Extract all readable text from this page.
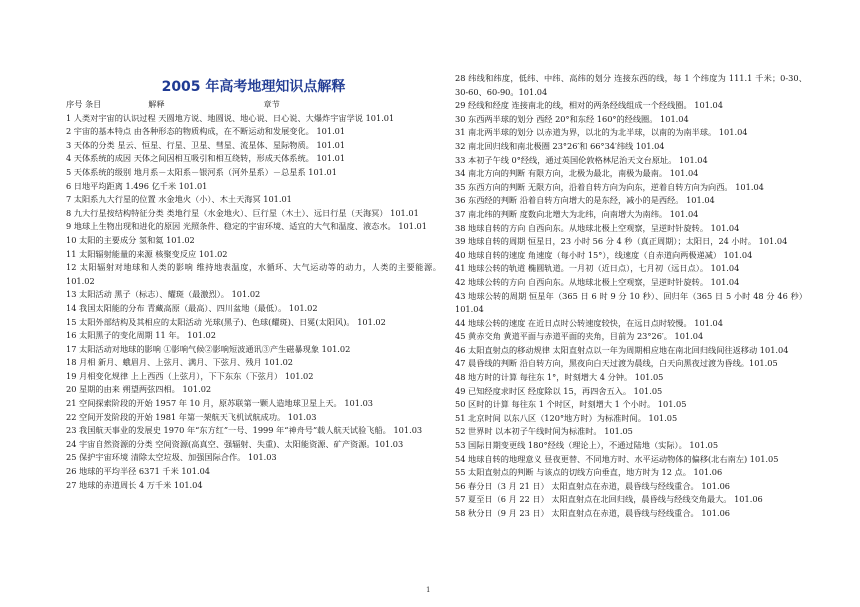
2005 年高考地理知识点解释
序号 条目                  解释                                      章节
1 人类对宇宙的认识过程 天圆地方说、地圆说、地心说、日心说、大爆炸宇宙学说 101.01
2 宇宙的基本特点 由各种形态的物质构成，在不断运动和发展变化。 101.01
3 天体的分类 星云、恒星、行星、卫星、彗星、流星体、星际物质。 101.01
4 天体系统的成因 天体之间因相互吸引和相互绕转，形成天体系统。 101.01
5 天体系统的级别 地月系－太阳系－银河系（河外星系）－总星系 101.01
6 日地平均距离 1.496 亿千米 101.01
7 太阳系九大行星的位置 水金地火（小）、木土天海冥 101.01
8 九大行星按结构特征分类 类地行星（水金地火）、巨行星（木土）、远日行星（天海冥） 101.01
9 地球上生物出现和进化的原因 光照条件、稳定的宇宙环境、适宜的大气和温度、液态水。 101.01
10 太阳的主要成分 氢和氦 101.02
11 太阳辐射能量的来源 核聚变反应 101.02
12 太阳辐射对地球和人类的影响 维持地表温度，水循环、大气运动等的动力，人类的主要能源。 101.02
13 太阳活动 黑子（标志）、耀斑（最激烈）。 101.02
14 我国太阳能的分布 青藏高原（最高）、四川盆地（最低）。 101.02
15 太阳外部结构及其相应的太阳活动 光球(黑子)、色球(耀斑)、日冕(太阳风)。 101.02
16 太阳黑子的变化周期 11 年。 101.02
17 太阳活动对地球的影响 ①影响气候②影响短波通讯③产生磁暴现象 101.02
18 月相 新月、蛾眉月、上弦月、满月、下弦月、残月 101.02
19 月相变化规律 上上西西（上弦月），下下东东（下弦月） 101.02
20 星期的由来 朔望两弦四相。 101.02
21 空间探索阶段的开始 1957 年 10 月，原苏联第一颗人造地球卫星上天。 101.03
22 空间开发阶段的开始 1981 年第一架航天飞机试航成功。 101.03
23 我国航天事业的发展史 1970 年“东方红”一号、1999 年“神舟号”载人航天试验飞船。 101.03
24 宇宙自然资源的分类 空间资源(高真空、强辐射、失重)、太阳能资源、矿产资源。101.03
25 保护宇宙环境 清除太空垃圾、加强国际合作。 101.03
26 地球的平均半径 6371 千米 101.04
27 地球的赤道周长 4 万千米 101.04
28 纬线和纬度，低纬、中纬、高纬的划分 连接东西的线，每 1 个纬度为 111.1 千米；0-30、30-60、60-90。101.04
29 经线和经度 连接南北的线，相对的两条经线组成一个经线圈。 101.04
30 东西两半球的划分 西经 20°和东经 160°的经线圈。 101.04
31 南北两半球的划分 以赤道为界，以北的为北半球，以南的为南半球。 101.04
32 南北回归线和南北极圈 23°26′和 66°34′纬线 101.04
33 本初子午线 0°经线，通过英国伦敦格林尼治天文台原址。 101.04
34 南北方向的判断 有限方向，北极为最北，南极为最南。 101.04
35 东西方向的判断 无限方向，沿着自转方向为向东，逆着自转方向为向西。 101.04
36 东西经的判断 沿着自转方向增大的是东经，减小的是西经。 101.04
37 南北纬的判断 度数向北增大为北纬，向南增大为南纬。 101.04
38 地球自转的方向 自西向东。从地球北极上空观察，呈逆时针旋转。 101.04
39 地球自转的周期 恒星日，23 小时 56 分 4 秒（真正周期）；太阳日，24 小时。 101.04
40 地球自转的速度 角速度（每小时 15°），线速度（自赤道向两极递减） 101.04
41 地球公转的轨道 椭圆轨道。一月初（近日点），七月初（远日点）。 101.04
42 地球公转的方向 自西向东。从地球北极上空观察，呈逆时针旋转。 101.04
43 地球公转的周期 恒星年（365 日 6 时 9 分 10 秒）、回归年（365 日 5 小时 48 分 46 秒） 101.04
44 地球公转的速度 在近日点时公转速度较快，在远日点时较慢。 101.04
45 黄赤交角 黄道平面与赤道平面的夹角，目前为 23°26′。 101.04
46 太阳直射点的移动规律 太阳直射点以一年为周期相应地在南北回归线间往返移动 101.04
47 晨昏线的判断 沿自转方向，黑夜向白天过渡为晨线，白天向黑夜过渡为昏线。101.05
48 地方时的计算 每往东 1°，时刻增大 4 分钟。 101.05
49 已知经度求时区 经度除以 15，再四舍五入。 101.05
50 区时的计算 每往东 1 个时区，时刻增大 1 个小时。 101.05
51 北京时间 以东八区（120°地方时）为标准时间。 101.05
52 世界时 以本初子午线时间为标准时。 101.05
53 国际日期变更线 180°经线（理论上），不通过陆地（实际）。 101.05
54 地球自转的地理意义 昼夜更替、不同地方时、水平运动物体的偏移(北右南左) 101.05
55 太阳直射点的判断 与该点的切线方向垂直，地方时为 12 点。 101.06
56 春分日（3 月 21 日） 太阳直射点在赤道，晨昏线与经线重合。 101.06
57 夏至日（6 月 22 日） 太阳直射点在北回归线，晨昏线与经线交角最大。 101.06
58 秋分日（9 月 23 日） 太阳直射点在赤道，晨昏线与经线重合。 101.06
1
